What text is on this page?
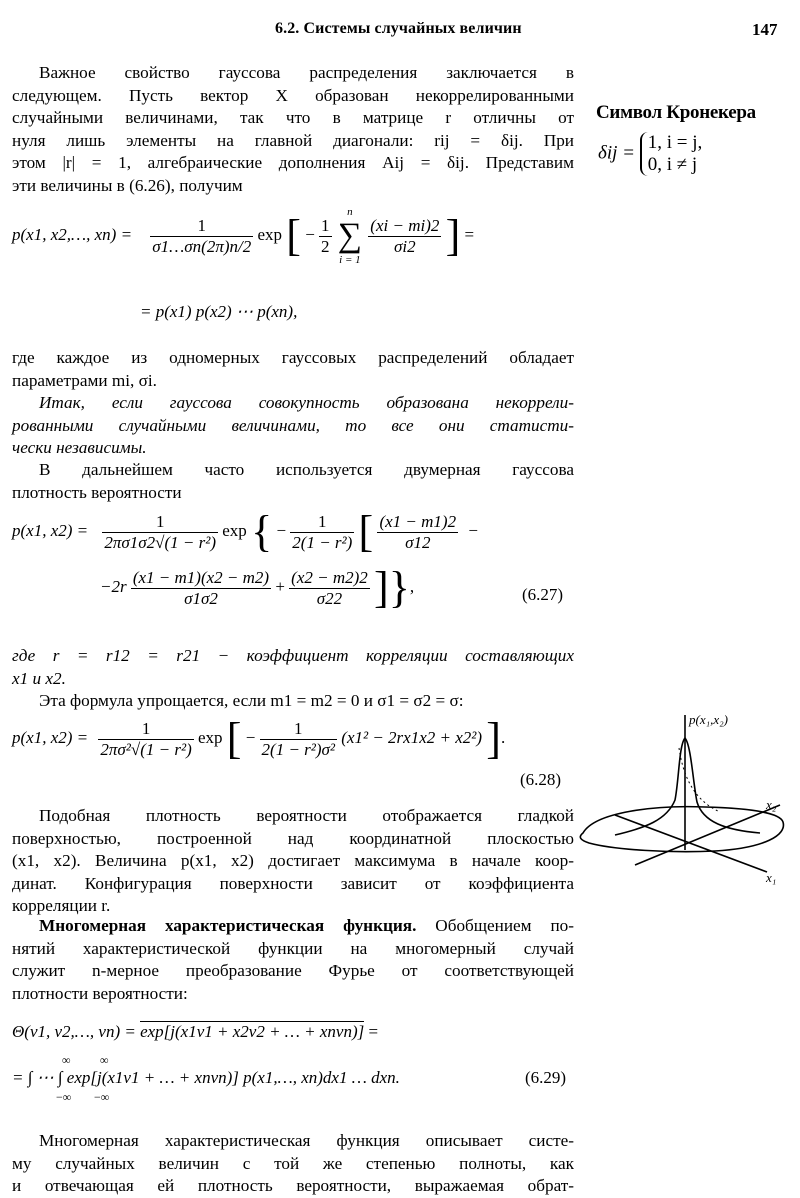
6.2. Системы случайных величин	147
Важное свойство гауссова распределения заключается в
следующем. Пусть вектор X образован некоррелированными
случайными величинами, так что в матрице r отличны от
нуля лишь элементы на главной диагонали: rij = δij. При
этом |r| = 1, алгебраические дополнения Aij = δij. Представим
эти величины в (6.26), получим
Символ Кронекера
δij = 1, i = j,
0, i ≠ j
p(x1, x2,…, $xn) = \frac{1}{\sigma 1\dots\sigma n(2\pi)n/2}$ exp [ − $\frac{1}{2}$

n
∑
i = 1

$\frac{(xi - mi)2}{\sigma i2}$ ] =
= p(x1) p(x2) ⋯ p(xn),
где каждое из одномерных гауссовых распределений обладает
параметрами mi, σi.
Итак, если гауссова совокупность образована некоррели-
рованными случайными величинами, то все они статисти-
чески независимы.
В дальнейшем часто используется двумерная гауссова
плотность вероятности
p(x1, $x2) = \frac{1}{\text{2πσ1σ2√(1 − r²)}}$ exp { − $\frac{1}{\text{2(1 − r²)}}$ [ $\frac{(x1 - m1)2}{\sigma 12}$ −
$-2r \frac{(x1 - m1)(x2 - m2)}{\sigma 1\sigma 2} + \frac{(x2 - m2)2}{\sigma 22}$ ]},	(6.27)
где r = r12 = r21 − коэффициент корреляции составляющих
x1 и x2.
Эта формула упрощается, если m1 = m2 = 0 и σ1 = σ2 = σ:
p(x1, $x2) = \frac{1}{\text{2πσ²√(1 − r²)}}$ exp [ − $\frac{1}{\text{2(1 − r²)σ²}} (x1^2 - 2rx1x2 + x2^2)$ ].
(6.28)
p(x₁,x₂)
x₂
x₁
Подобная плотность вероятности отображается гладкой
поверхностью, построенной над координатной плоскостью
(x1, x2). Величина p(x1, x2) достигает максимума в начале коор-
динат. Конфигурация поверхности зависит от коэффициента
корреляции r.
Многомерная характеристическая функция. Обобщением по-
нятий характеристической функции на многомерный случай
служит n-мерное преобразование Фурье от соответствующей
плотности вероятности:
Θ(v1, v2,…, vn) = exp[j(x1v1 + x2v2 + … + xnvn)] =
∞ ∞
= ∫ ⋯ ∫ exp[j(x1v1 + … + xnvn)] p(x1,…, xn)dx1 … dxn.
−∞ −∞
(6.29)
Многомерная характеристическая функция описывает систе-
му случайных величин с той же степенью полноты, как
и отвечающая ей плотность вероятности, выражаемая обрат-
